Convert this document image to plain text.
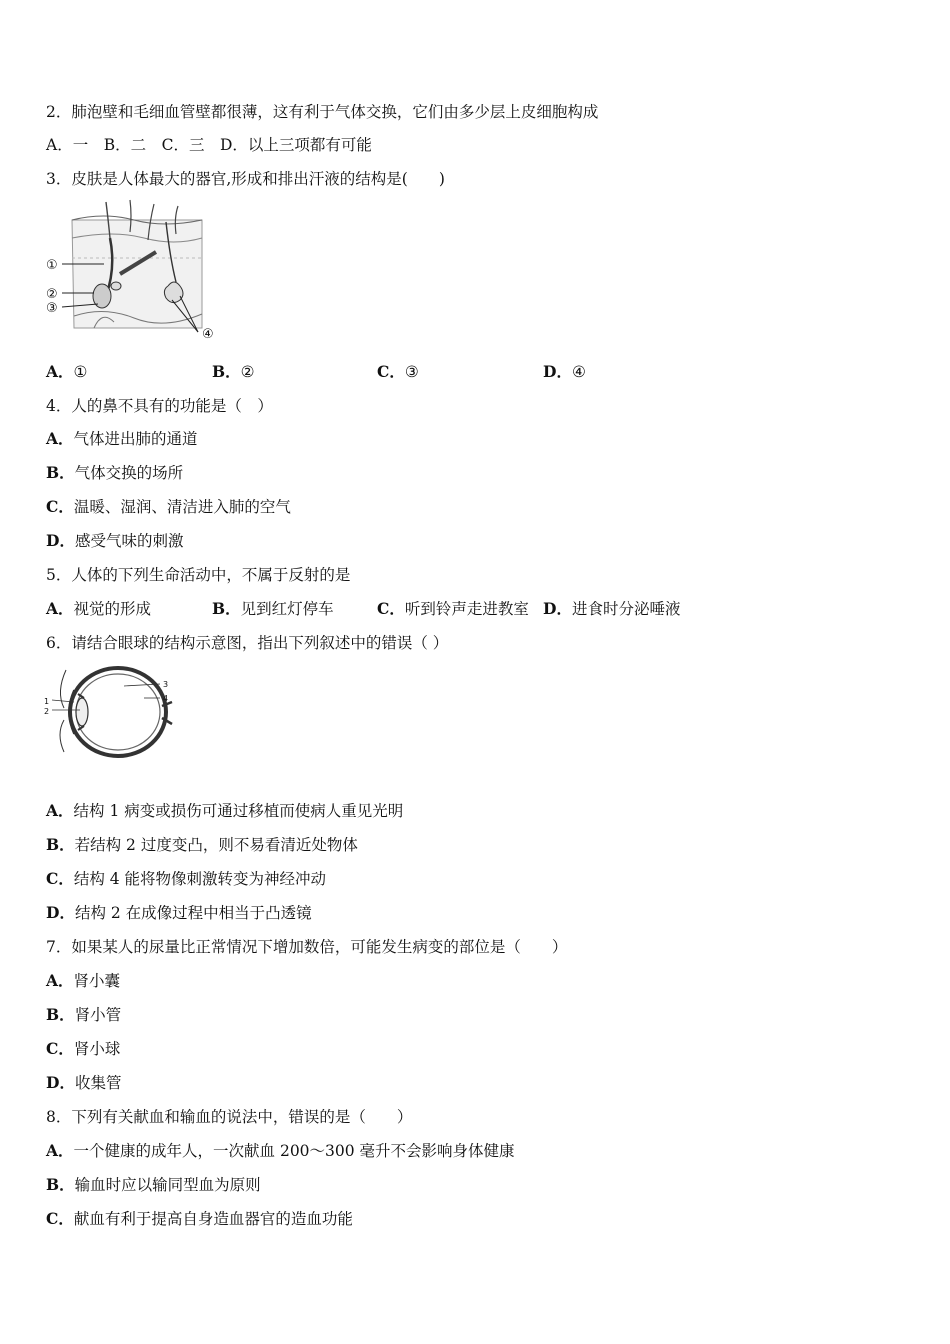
2．肺泡壁和毛细血管壁都很薄，这有利于气体交换，它们由多少层上皮细胞构成
A．一　B．二　C．三　D．以上三项都有可能
3．皮肤是人体最大的器官,形成和排出汗液的结构是(　　)
①
②
③
④
A．①	B．②	C．③	D．④
4．人的鼻不具有的功能是（　）
A．气体进出肺的通道
B．气体交换的场所
C．温暖、湿润、清洁进入肺的空气
D．感受气味的刺激
5．人体的下列生命活动中，不属于反射的是
A．视觉的形成	B．见到红灯停车	C．听到铃声走进教室 D．进食时分泌唾液
6．请结合眼球的结构示意图，指出下列叙述中的错误（ ）
1
2
3
4
A．结构 1 病变或损伤可通过移植而使病人重见光明
B．若结构 2 过度变凸，则不易看清近处物体
C．结构 4 能将物像刺激转变为神经冲动
D．结构 2 在成像过程中相当于凸透镜
7．如果某人的尿量比正常情况下增加数倍，可能发生病变的部位是（　　）
A．肾小囊
B．肾小管
C．肾小球
D．收集管
8．下列有关献血和输血的说法中，错误的是（　　）
A．一个健康的成年人，一次献血 200～300 毫升不会影响身体健康
B．输血时应以输同型血为原则
C．献血有利于提高自身造血器官的造血功能
